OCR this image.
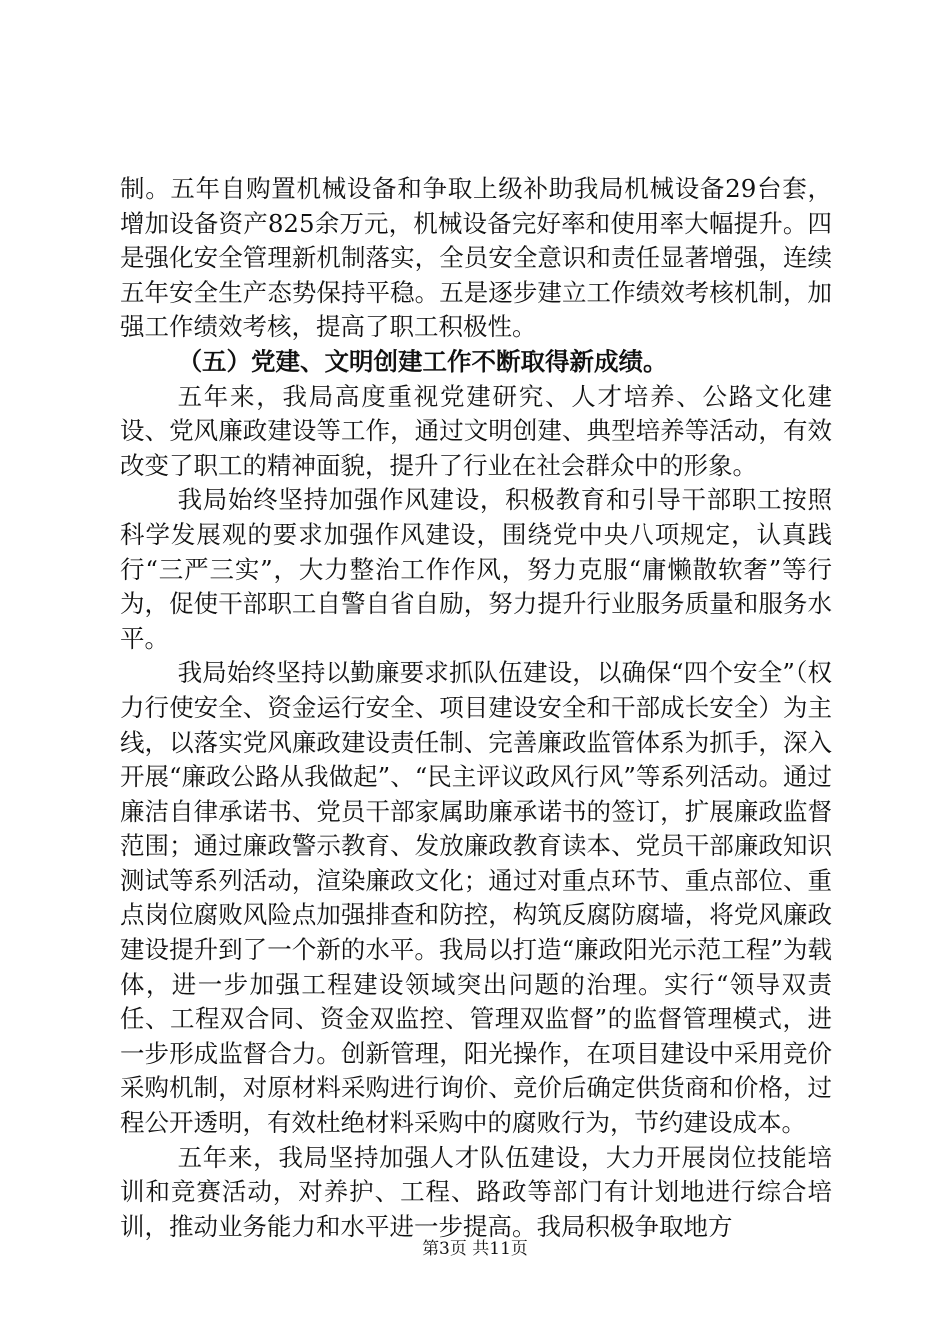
制。五年自购置机械设备和争取上级补助我局机械设备29台套，增加设备资产825余万元，机械设备完好率和使用率大幅提升。四是强化安全管理新机制落实，全员安全意识和责任显著增强，连续五年安全生产态势保持平稳。五是逐步建立工作绩效考核机制，加强工作绩效考核，提高了职工积极性。

（五）党建、文明创建工作不断取得新成绩。

五年来，我局高度重视党建研究、人才培养、公路文化建设、党风廉政建设等工作，通过文明创建、典型培养等活动，有效改变了职工的精神面貌，提升了行业在社会群众中的形象。

我局始终坚持加强作风建设，积极教育和引导干部职工按照科学发展观的要求加强作风建设，围绕党中央八项规定，认真践行“三严三实”，大力整治工作作风，努力克服“庸懒散软奢”等行为，促使干部职工自警自省自励，努力提升行业服务质量和服务水平。

我局始终坚持以勤廉要求抓队伍建设，以确保“四个安全”（权力行使安全、资金运行安全、项目建设安全和干部成长安全）为主线，以落实党风廉政建设责任制、完善廉政监管体系为抓手，深入开展“廉政公路从我做起”、“民主评议政风行风”等系列活动。通过廉洁自律承诺书、党员干部家属助廉承诺书的签订，扩展廉政监督范围；通过廉政警示教育、发放廉政教育读本、党员干部廉政知识测试等系列活动，渲染廉政文化；通过对重点环节、重点部位、重点岗位腐败风险点加强排查和防控，构筑反腐防腐墙，将党风廉政建设提升到了一个新的水平。我局以打造“廉政阳光示范工程”为载体，进一步加强工程建设领域突出问题的治理。实行“领导双责任、工程双合同、资金双监控、管理双监督”的监督管理模式，进一步形成监督合力。创新管理，阳光操作，在项目建设中采用竞价采购机制，对原材料采购进行询价、竞价后确定供货商和价格，过程公开透明，有效杜绝材料采购中的腐败行为，节约建设成本。

五年来，我局坚持加强人才队伍建设，大力开展岗位技能培训和竞赛活动，对养护、工程、路政等部门有计划地进行综合培训，推动业务能力和水平进一步提高。我局积极争取地方

第3页 共11页
